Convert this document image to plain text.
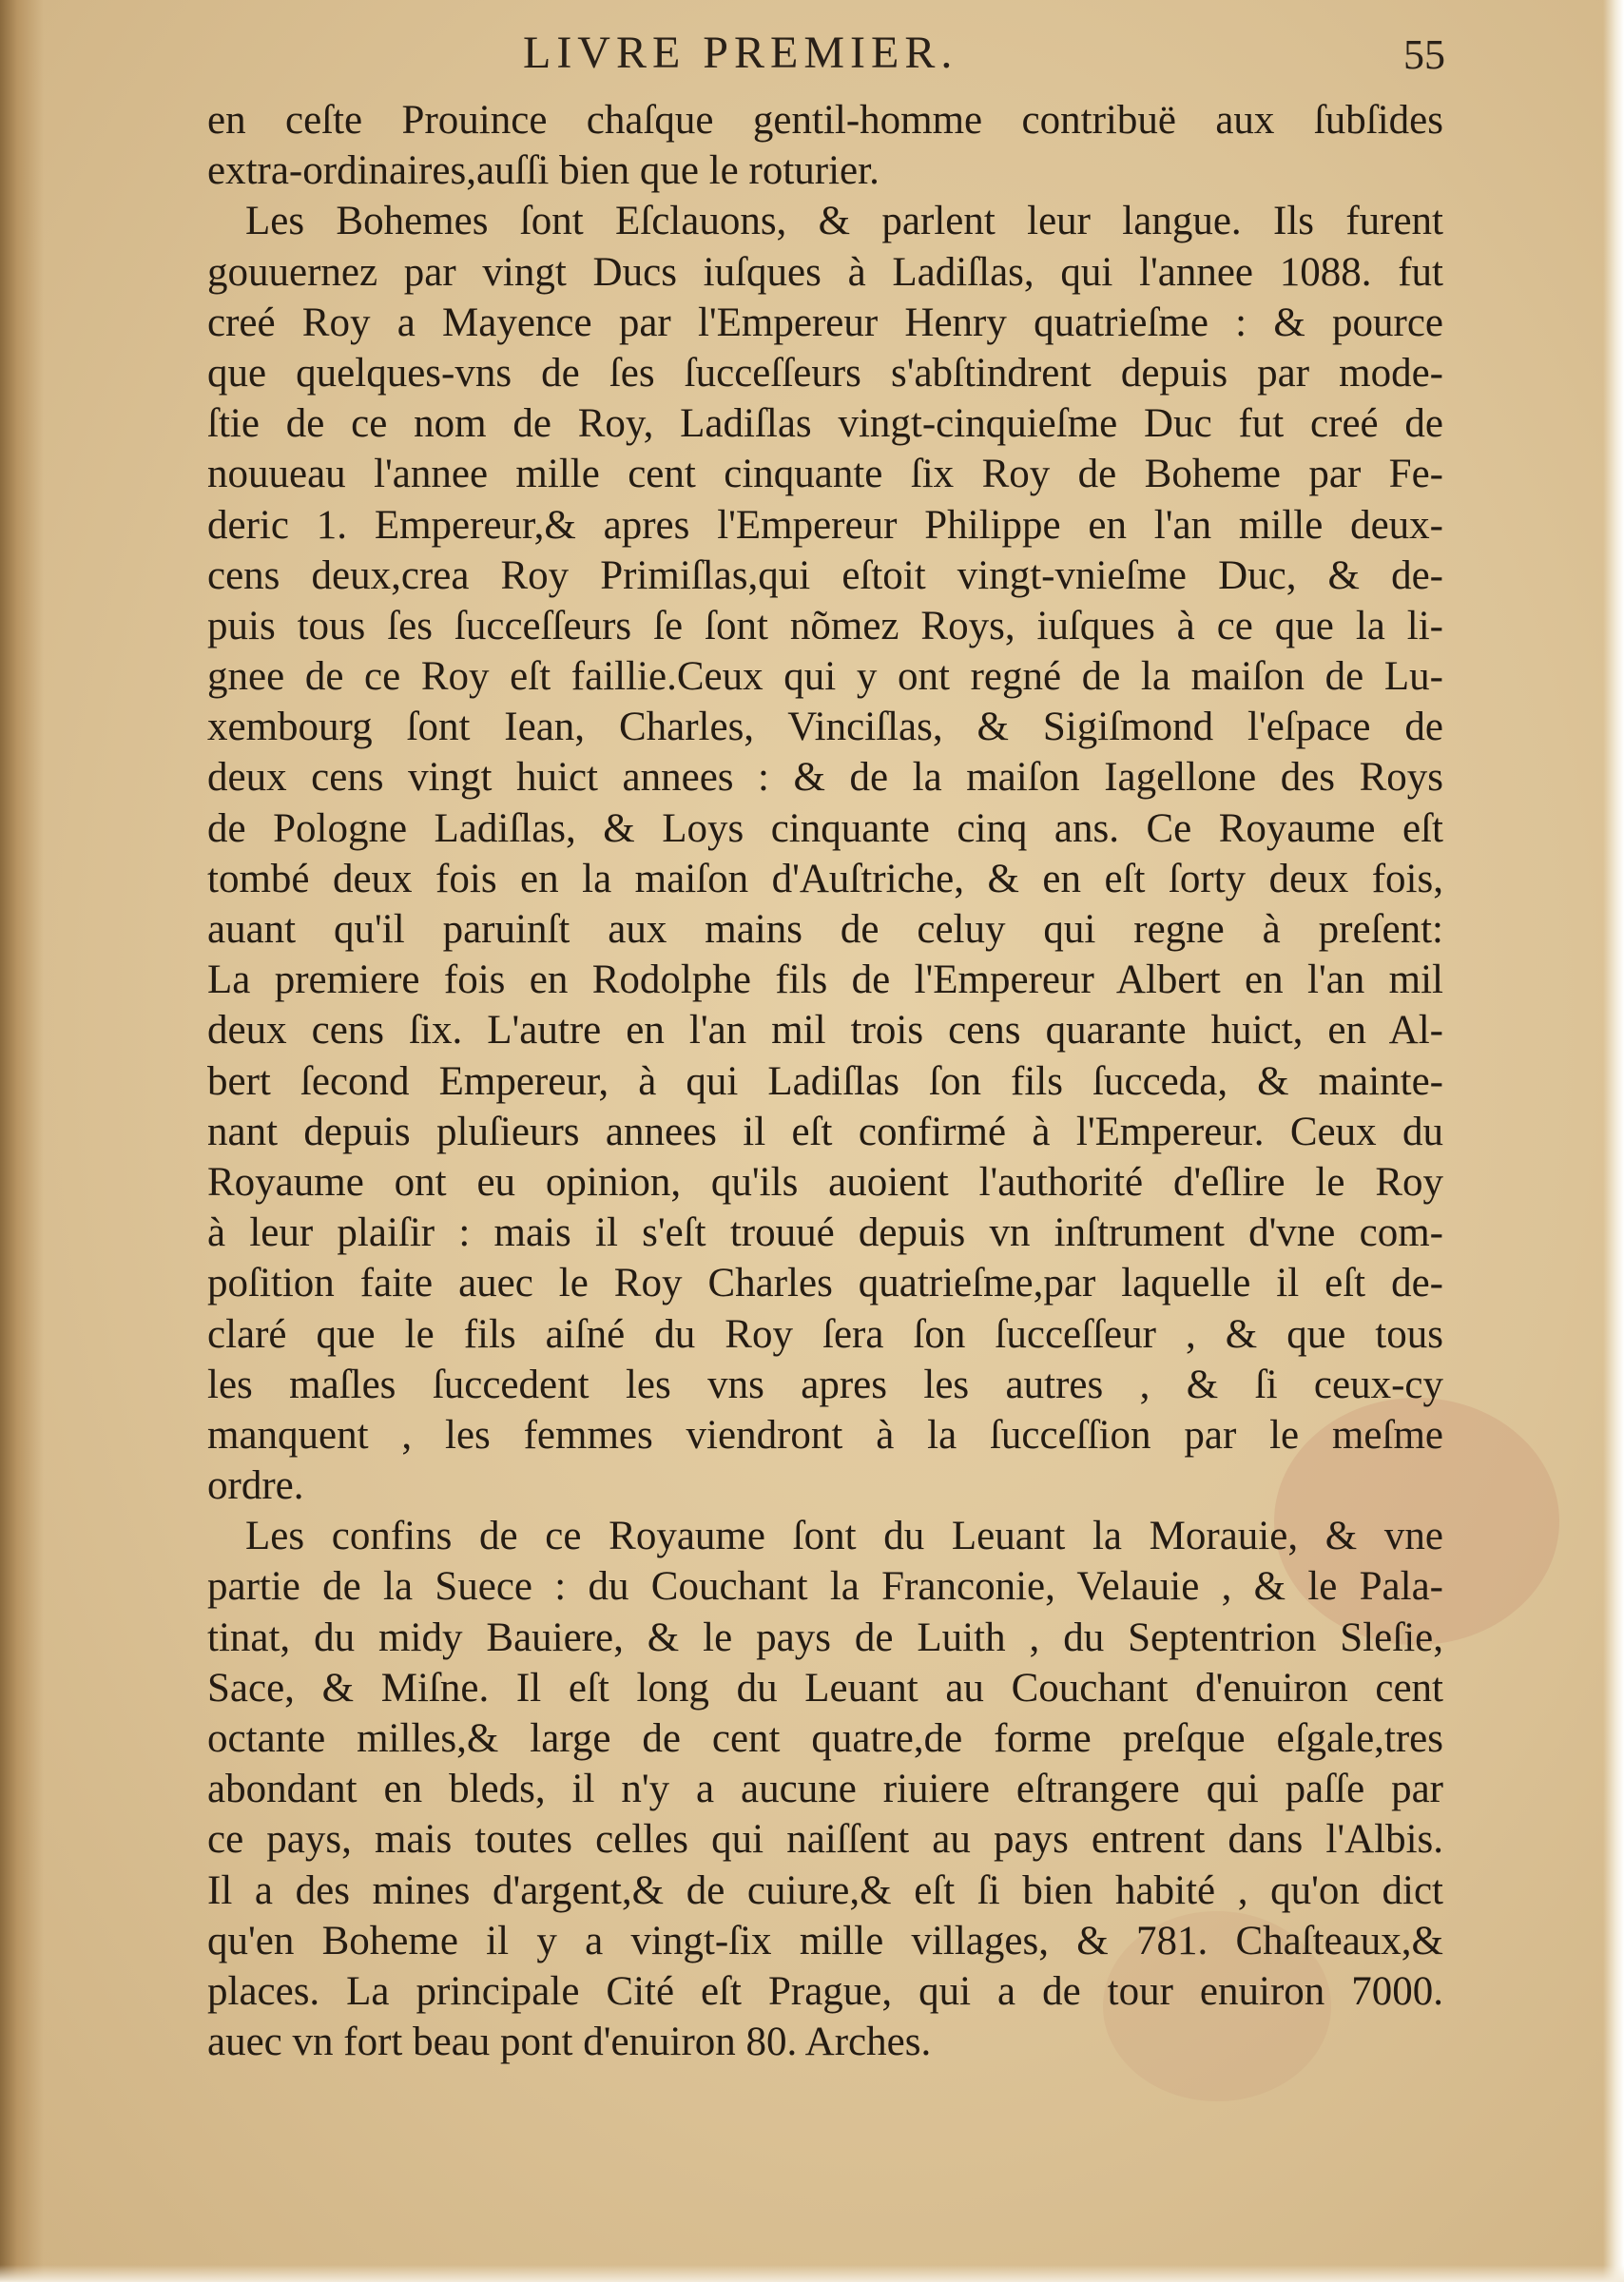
LIVRE PREMIER.	55
en ceſte Prouince chaſque gentil-homme contribuë aux ſubſides
extra-ordinaires,auſſi bien que le roturier.
Les Bohemes ſont Eſclauons, & parlent leur langue. Ils furent
gouuernez par vingt Ducs iuſques à Ladiſlas, qui l'annee 1088. fut
creé Roy a Mayence par l'Empereur Henry quatrieſme : & pource
que quelques-vns de ſes ſucceſſeurs s'abſtindrent depuis par mode-
ſtie de ce nom de Roy, Ladiſlas vingt-cinquieſme Duc fut creé de
nouueau l'annee mille cent cinquante ſix Roy de Boheme par Fe-
deric 1. Empereur,& apres l'Empereur Philippe en l'an mille deux-
cens deux,crea Roy Primiſlas,qui eſtoit vingt-vnieſme Duc, & de-
puis tous ſes ſucceſſeurs ſe ſont nõmez Roys, iuſques à ce que la li-
gnee de ce Roy eſt faillie.Ceux qui y ont regné de la maiſon de Lu-
xembourg ſont Iean, Charles, Vinciſlas, & Sigiſmond l'eſpace de
deux cens vingt huict annees : & de la maiſon Iagellone des Roys
de Pologne Ladiſlas, & Loys cinquante cinq ans. Ce Royaume eſt
tombé deux fois en la maiſon d'Auſtriche, & en eſt ſorty deux fois,
auant qu'il paruinſt aux mains de celuy qui regne à preſent:
La premiere fois en Rodolphe fils de l'Empereur Albert en l'an mil
deux cens ſix. L'autre en l'an mil trois cens quarante huict, en Al-
bert ſecond Empereur, à qui Ladiſlas ſon fils ſucceda, & mainte-
nant depuis pluſieurs annees il eſt confirmé à l'Empereur. Ceux du
Royaume ont eu opinion, qu'ils auoient l'authorité d'eſlire le Roy
à leur plaiſir : mais il s'eſt trouué depuis vn inſtrument d'vne com-
poſition faite auec le Roy Charles quatrieſme,par laquelle il eſt de-
claré que le fils aiſné du Roy ſera ſon ſucceſſeur , & que tous
les maſles ſuccedent les vns apres les autres , & ſi ceux-cy
manquent , les femmes viendront à la ſucceſſion par le meſme
ordre.
Les confins de ce Royaume ſont du Leuant la Morauie, & vne
partie de la Suece : du Couchant la Franconie, Velauie , & le Pala-
tinat, du midy Bauiere, & le pays de Luith , du Septentrion Sleſie,
Sace, & Miſne. Il eſt long du Leuant au Couchant d'enuiron cent
octante milles,& large de cent quatre,de forme preſque eſgale,tres
abondant en bleds, il n'y a aucune riuiere eſtrangere qui paſſe par
ce pays, mais toutes celles qui naiſſent au pays entrent dans l'Albis.
Il a des mines d'argent,& de cuiure,& eſt ſi bien habité , qu'on dict
qu'en Boheme il y a vingt-ſix mille villages, & 781. Chaſteaux,&
places. La principale Cité eſt Prague, qui a de tour enuiron 7000.
auec vn fort beau pont d'enuiron 80. Arches.
